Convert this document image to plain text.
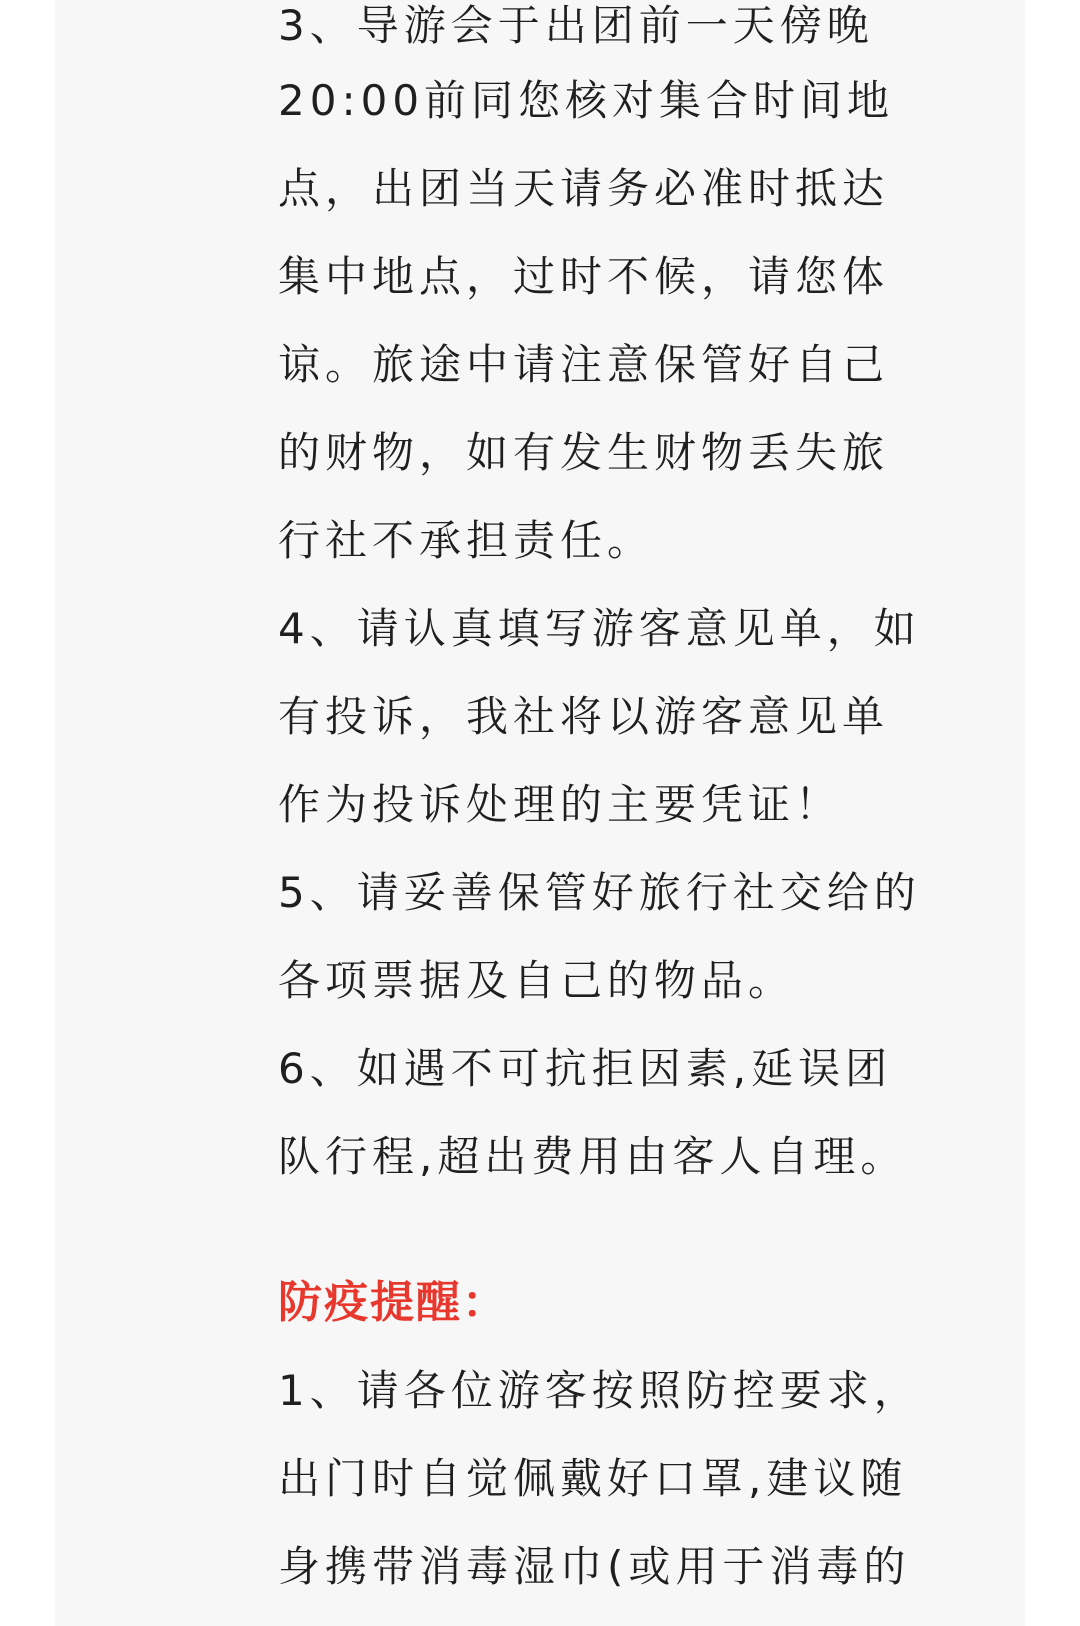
3、导游会于出团前一天傍晚
20:00前同您核对集合时间地
点，出团当天请务必准时抵达
集中地点，过时不候，请您体
谅。旅途中请注意保管好自己
的财物，如有发生财物丢失旅
行社不承担责任。
4、请认真填写游客意见单，如
有投诉，我社将以游客意见单
作为投诉处理的主要凭证！
5、请妥善保管好旅行社交给的
各项票据及自己的物品。
6、如遇不可抗拒因素,延误团
队行程,超出费用由客人自理。
防疫提醒：
1、请各位游客按照防控要求，
出门时自觉佩戴好口罩,建议随
身携带消毒湿巾(或用于消毒的
